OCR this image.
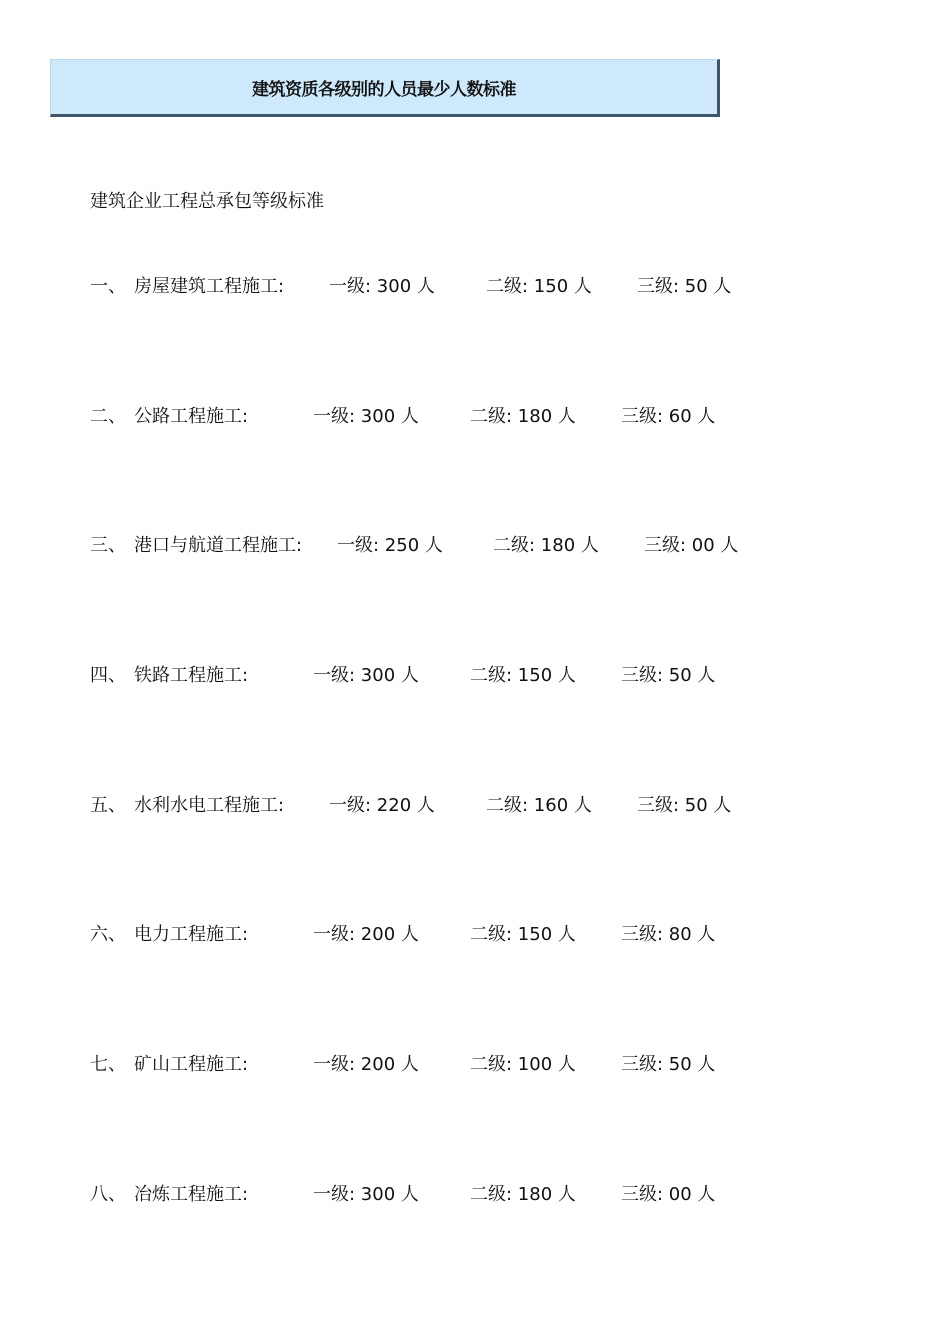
建筑资质各级别的人员最少人数标准
建筑企业工程总承包等级标准
一、 房屋建筑工程施工: 一级: 300 人	二级: 150 人	三级: 50 人
二、 公路工程施工:	一级: 300 人	二级: 180 人	三级: 60 人
三、 港口与航道工程施工: 一级: 250 人	二级: 180 人	三级: 00 人
四、 铁路工程施工:	一级: 300 人	二级: 150 人	三级: 50 人
五、 水利水电工程施工: 一级: 220 人	二级: 160 人	三级: 50 人
六、 电力工程施工:	一级: 200 人	二级: 150 人	三级: 80 人
七、 矿山工程施工:	一级: 200 人	二级: 100 人	三级: 50 人
八、 冶炼工程施工:	一级: 300 人	二级: 180 人	三级: 00 人
